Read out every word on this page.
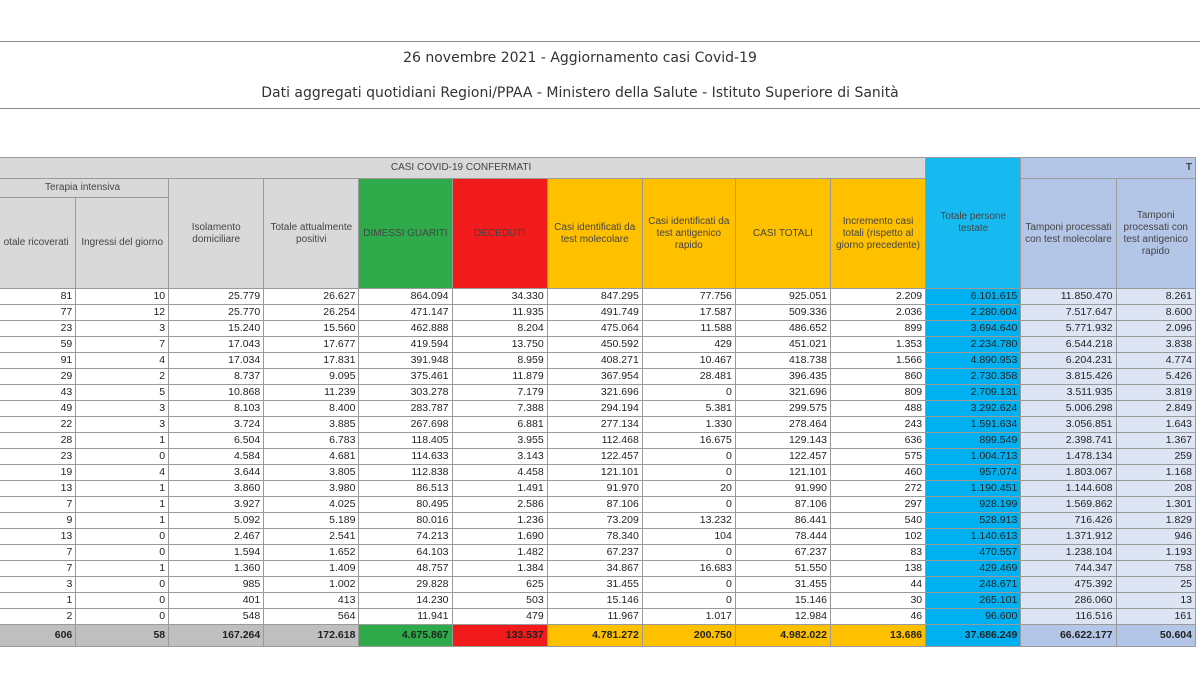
26 novembre 2021 - Aggiornamento casi Covid-19
Dati aggregati quotidiani Regioni/PPAA - Ministero della Salute - Istituto Superiore di Sanità
CASI COVID-19 CONFERMATI										Totale persone testate	T	
Terapia intensiva		Isolamento domiciliare	Totale attualmente positivi	DIMESSI GUARITI	DECEDUTI	Casi identificati da test molecolare	Casi identificati da test antigenico rapido	CASI TOTALI	Incremento casi totali (rispetto al giorno precedente)		Tamponi processati con test molecolare	Tamponi processati con test antigenico rapido
otale ricoverati	Ingressi del giorno											
81	10	25.779	26.627	864.094	34.330	847.295	77.756	925.051	2.209	6.101.615	11.850.470	8.261
77	12	25.770	26.254	471.147	11.935	491.749	17.587	509.336	2.036	2.280.604	7.517.647	8.600
23	3	15.240	15.560	462.888	8.204	475.064	11.588	486.652	899	3.694.640	5.771.932	2.096
59	7	17.043	17.677	419.594	13.750	450.592	429	451.021	1.353	2.234.780	6.544.218	3.838
91	4	17.034	17.831	391.948	8.959	408.271	10.467	418.738	1.566	4.890.953	6.204.231	4.774
29	2	8.737	9.095	375.461	11.879	367.954	28.481	396.435	860	2.730.358	3.815.426	5.426
43	5	10.868	11.239	303.278	7.179	321.696	0	321.696	809	2.709.131	3.511.935	3.819
49	3	8.103	8.400	283.787	7.388	294.194	5.381	299.575	488	3.292.624	5.006.298	2.849
22	3	3.724	3.885	267.698	6.881	277.134	1.330	278.464	243	1.591.634	3.056.851	1.643
28	1	6.504	6.783	118.405	3.955	112.468	16.675	129.143	636	899.549	2.398.741	1.367
23	0	4.584	4.681	114.633	3.143	122.457	0	122.457	575	1.004.713	1.478.134	259
19	4	3.644	3.805	112.838	4.458	121.101	0	121.101	460	957.074	1.803.067	1.168
13	1	3.860	3.980	86.513	1.491	91.970	20	91.990	272	1.190.451	1.144.608	208
7	1	3.927	4.025	80.495	2.586	87.106	0	87.106	297	928.199	1.569.862	1.301
9	1	5.092	5.189	80.016	1.236	73.209	13.232	86.441	540	528.913	716.426	1.829
13	0	2.467	2.541	74.213	1.690	78.340	104	78.444	102	1.140.613	1.371.912	946
7	0	1.594	1.652	64.103	1.482	67.237	0	67.237	83	470.557	1.238.104	1.193
7	1	1.360	1.409	48.757	1.384	34.867	16.683	51.550	138	429.469	744.347	758
3	0	985	1.002	29.828	625	31.455	0	31.455	44	248.671	475.392	25
1	0	401	413	14.230	503	15.146	0	15.146	30	265.101	286.060	13
2	0	548	564	11.941	479	11.967	1.017	12.984	46	96.600	116.516	161
606	58	167.264	172.618	4.675.867	133.537	4.781.272	200.750	4.982.022	13.686	37.686.249	66.622.177	50.604
